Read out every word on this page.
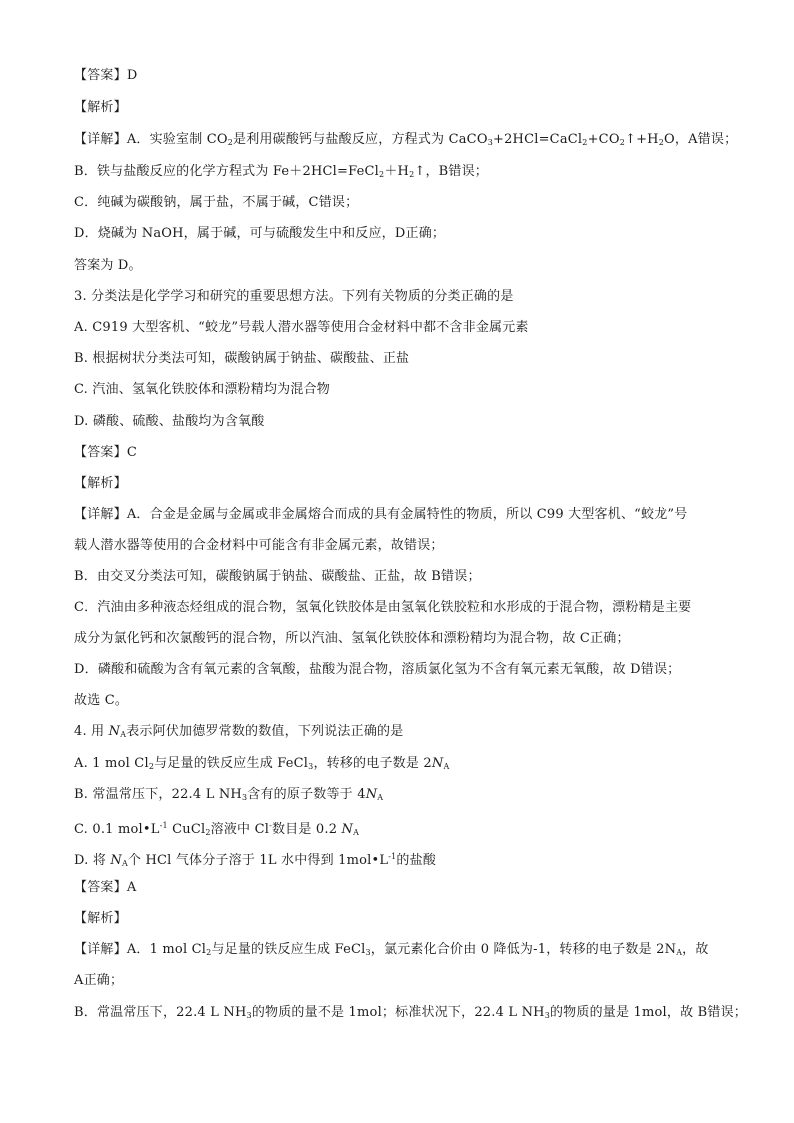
【答案】D
【解析】
【详解】A．实验室制 $CO_2$是利用碳酸钙与盐酸反应，方程式为 $CaCO_3+2HCl=CaCl_2+CO_2↑+H_2O$，A错误；
B．铁与盐酸反应的化学方程式为 $Fe+2HCl=FeCl_2+H_2↑$，B错误；
C．纯碱为碳酸钠，属于盐，不属于碱，C错误；
D．烧碱为 NaOH，属于碱，可与硫酸发生中和反应，D正确；
答案为 D。
3. 分类法是化学学习和研究的重要思想方法。下列有关物质的分类正确的是
A. C919 大型客机、“蛟龙”号载人潜水器等使用合金材料中都不含非金属元素
B. 根据树状分类法可知，碳酸钠属于钠盐、碳酸盐、正盐
C. 汽油、氢氧化铁胶体和漂粉精均为混合物
D. 磷酸、硫酸、盐酸均为含氧酸
【答案】C
【解析】
【详解】A．合金是金属与金属或非金属熔合而成的具有金属特性的物质，所以 C99 大型客机、“蛟龙”号
载人潜水器等使用的合金材料中可能含有非金属元素，故错误；
B．由交叉分类法可知，碳酸钠属于钠盐、碳酸盐、正盐，故 B错误；
C．汽油由多种液态烃组成的混合物，氢氧化铁胶体是由氢氧化铁胶粒和水形成的于混合物，漂粉精是主要
成分为氯化钙和次氯酸钙的混合物，所以汽油、氢氧化铁胶体和漂粉精均为混合物，故 C正确；
D．磷酸和硫酸为含有氧元素的含氧酸，盐酸为混合物，溶质氯化氢为不含有氧元素无氧酸，故 D错误；
故选 C。
4. 用 $N_A$表示阿伏加德罗常数的数值，下列说法正确的是
A. 1 mol $Cl_2$与足量的铁反应生成 FeCl$_3$，转移的电子数是 $2N_A$
B. 常温常压下，22.4 L $NH_3$含有的原子数等于 $4N_A$
C. 0.1 $mol•L^{-1}$ CuCl$_2$溶液中 Cl-数目是 0.2 $N_A$
D. 将 $N_A$个 HCl 气体分子溶于 1L 水中得到 $1mol•L^{-1}$的盐酸
【答案】A
【解析】
【详解】A．1 mol $Cl_2$与足量的铁反应生成 FeCl$_3$，氯元素化合价由 0 降低为-1，转移的电子数是 $2N_A$，故
A正确；
B．常温常压下，22.4 L $NH_3$的物质的量不是 1mol；标准状况下，22.4 L $NH_3$的物质的量是 1mol，故 B错误；
